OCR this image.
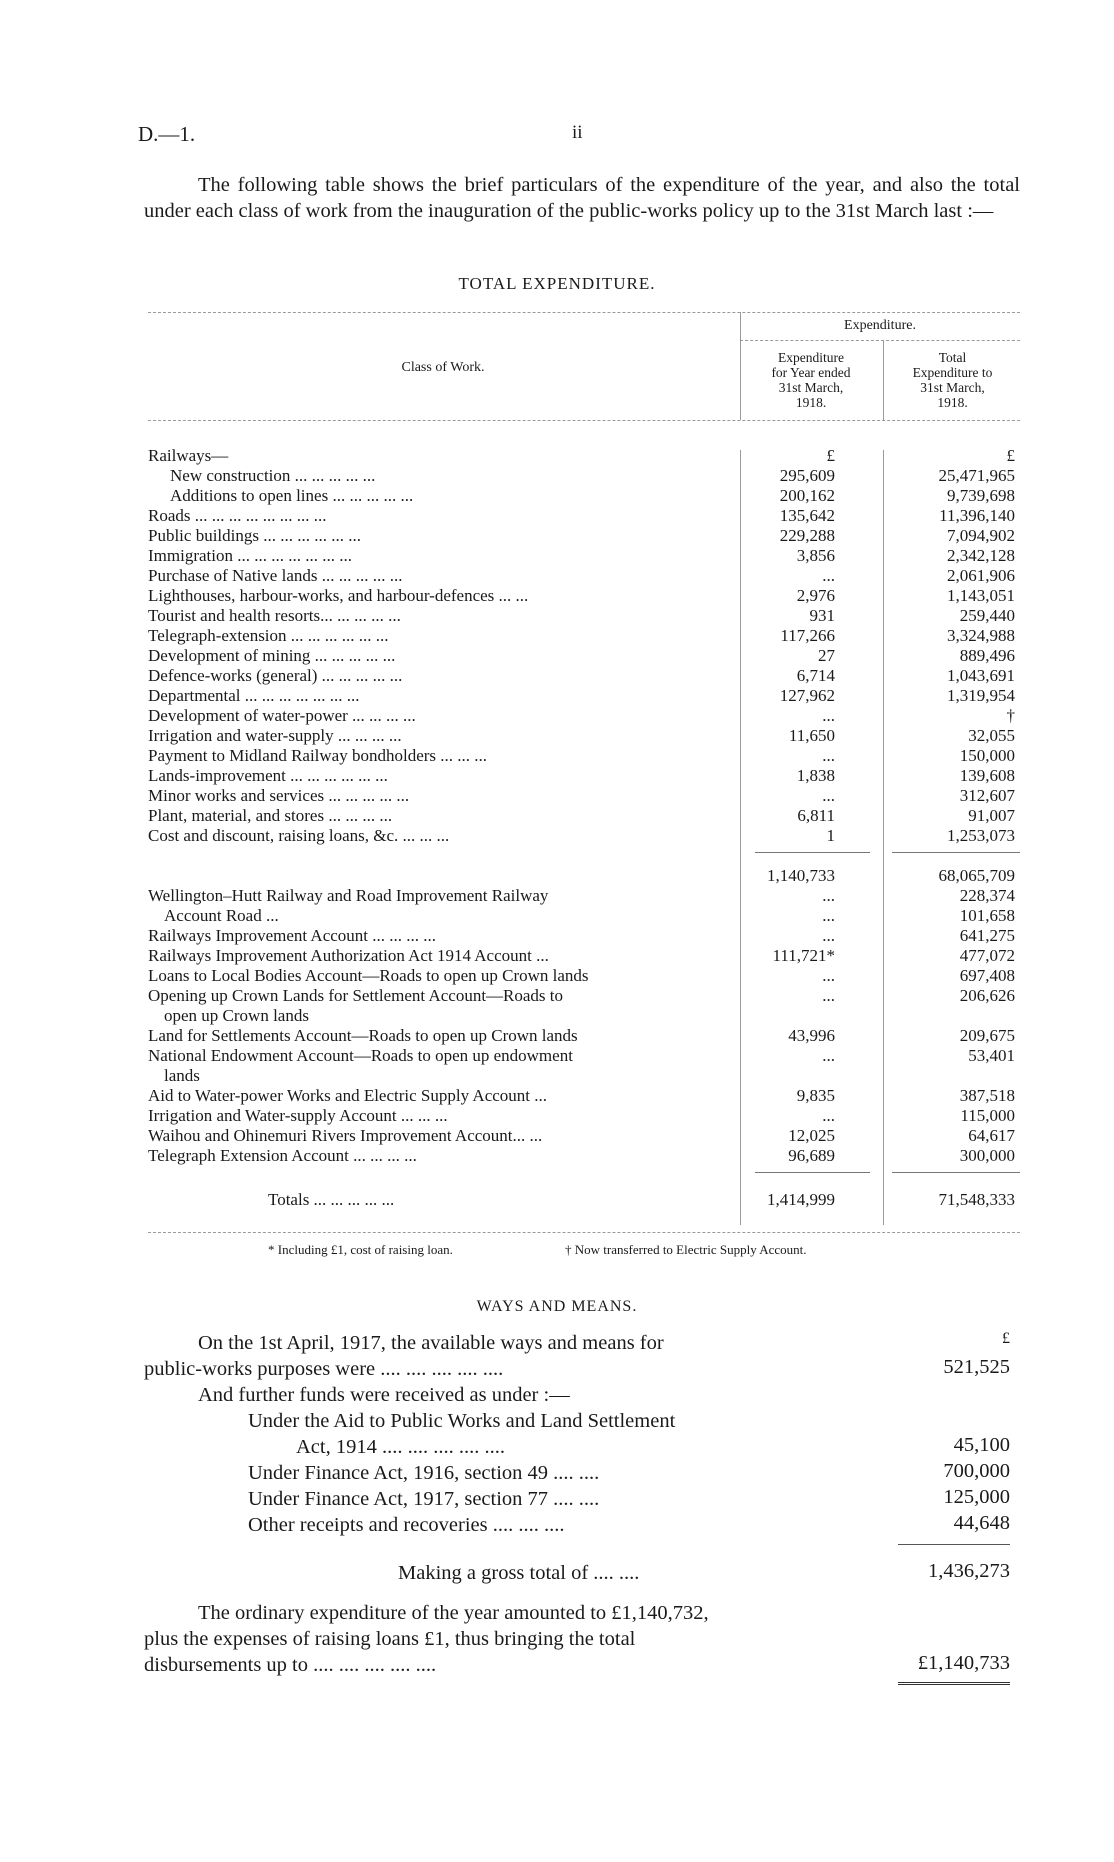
D.—1.	ii
The following table shows the brief particulars of the expenditure of the year, and also the total under each class of work from the inauguration of the public-works policy up to the 31st March last :—
TOTAL EXPENDITURE.
Class of Work.
Expenditure.
Expenditure
for Year ended
31st March,
1918.
Total
Expenditure to
31st March,
1918.
£	£
Railways—
New construction ... ... ... ... ...	295,609	25,471,965
Additions to open lines ... ... ... ... ...	200,162	9,739,698
Roads ... ... ... ... ... ... ... ...	135,642	11,396,140
Public buildings ... ... ... ... ... ...	229,288	7,094,902
Immigration ... ... ... ... ... ... ...	3,856	2,342,128
Purchase of Native lands ... ... ... ... ...	...	2,061,906
Lighthouses, harbour-works, and harbour-defences ... ...	2,976	1,143,051
Tourist and health resorts... ... ... ... ...	931	259,440
Telegraph-extension ... ... ... ... ... ...	117,266	3,324,988
Development of mining ... ... ... ... ...	27	889,496
Defence-works (general) ... ... ... ... ...	6,714	1,043,691
Departmental ... ... ... ... ... ... ...	127,962	1,319,954
Development of water-power ... ... ... ...	...	†
Irrigation and water-supply ... ... ... ...	11,650	32,055
Payment to Midland Railway bondholders ... ... ...	...	150,000
Lands-improvement ... ... ... ... ... ...	1,838	139,608
Minor works and services ... ... ... ... ...	...	312,607
Plant, material, and stores ... ... ... ...	6,811	91,007
Cost and discount, raising loans, &c. ... ... ...	1	1,253,073
1,140,733	68,065,709
Wellington–Hutt Railway and Road Improvement Railway	...	228,374
Account Road ...	...	101,658
Railways Improvement Account ... ... ... ...	...	641,275
Railways Improvement Authorization Act 1914 Account ...	111,721*	477,072
Loans to Local Bodies Account—Roads to open up Crown lands	...	697,408
Opening up Crown Lands for Settlement Account—Roads to	...	206,626
open up Crown lands
Land for Settlements Account—Roads to open up Crown lands	43,996	209,675
National Endowment Account—Roads to open up endowment	...	53,401
lands
Aid to Water-power Works and Electric Supply Account ...	9,835	387,518
Irrigation and Water-supply Account ... ... ...	...	115,000
Waihou and Ohinemuri Rivers Improvement Account... ...	12,025	64,617
Telegraph Extension Account ... ... ... ...	96,689	300,000
Totals ... ... ... ... ...	1,414,999	71,548,333
* Including £1, cost of raising loan.	† Now transferred to Electric Supply Account.
WAYS AND MEANS.
On the 1st April, 1917, the available ways and means for	£
public-works purposes were .... .... .... .... ....	521,525
And further funds were received as under :—
Under the Aid to Public Works and Land Settlement
Act, 1914 .... .... .... .... ....	45,100
Under Finance Act, 1916, section 49 .... ....	700,000
Under Finance Act, 1917, section 77 .... ....	125,000
Other receipts and recoveries .... .... ....	44,648
Making a gross total of .... ....	1,436,273
The ordinary expenditure of the year amounted to £1,140,732,
plus the expenses of raising loans £1, thus bringing the total
disbursements up to .... .... .... .... ....	£1,140,733
